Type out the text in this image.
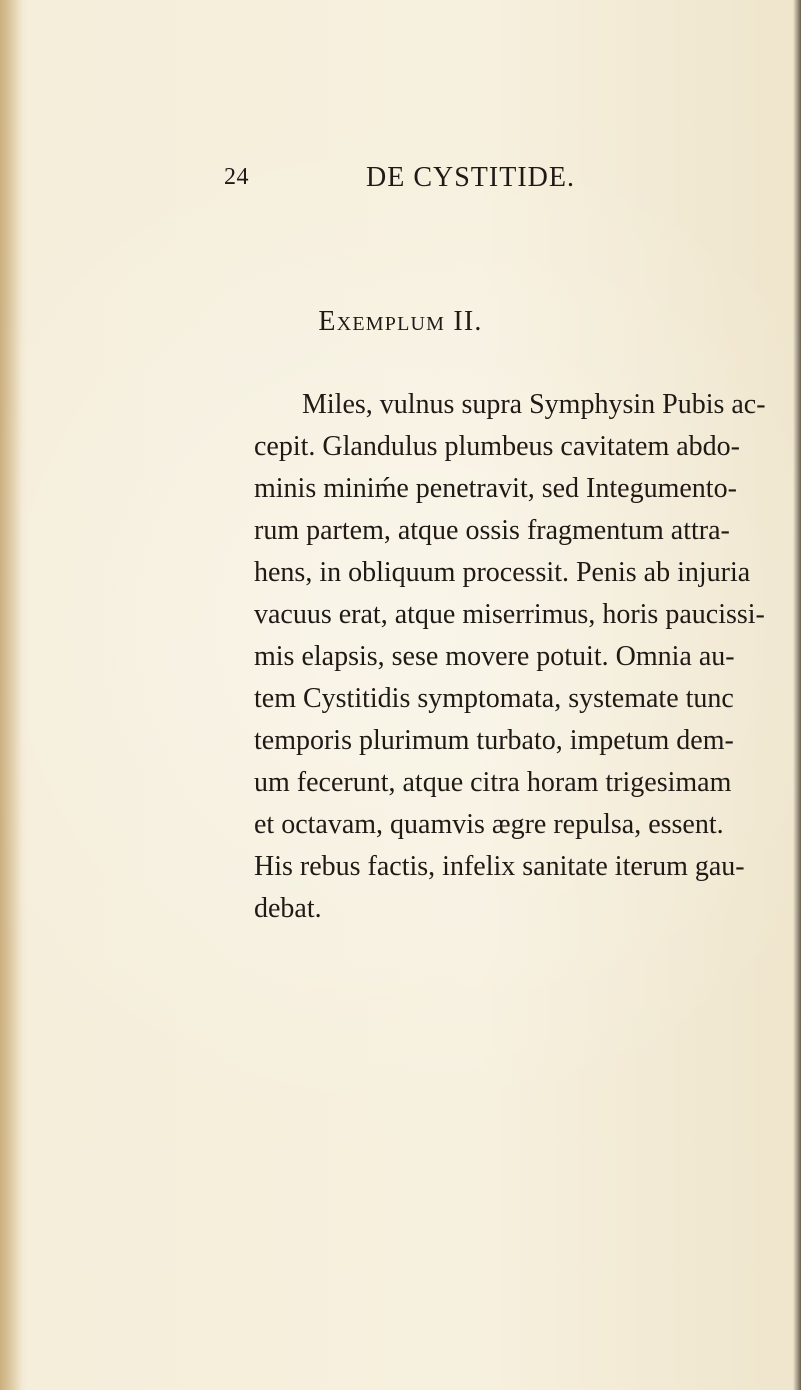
24	DE CYSTITIDE.
Exemplum II.
Miles, vulnus supra Symphysin Pubis ac-
cepit. Glandulus plumbeus cavitatem abdo-
minis miniḿe penetravit, sed Integumento-
rum partem, atque ossis fragmentum attra-
hens, in obliquum processit. Penis ab injuria
vacuus erat, atque miserrimus, horis paucissi-
mis elapsis, sese movere potuit. Omnia au-
tem Cystitidis symptomata, systemate tunc
temporis plurimum turbato, impetum dem-
um fecerunt, atque citra horam trigesimam
et octavam, quamvis ægre repulsa, essent.
His rebus factis, infelix sanitate iterum gau-
debat.
